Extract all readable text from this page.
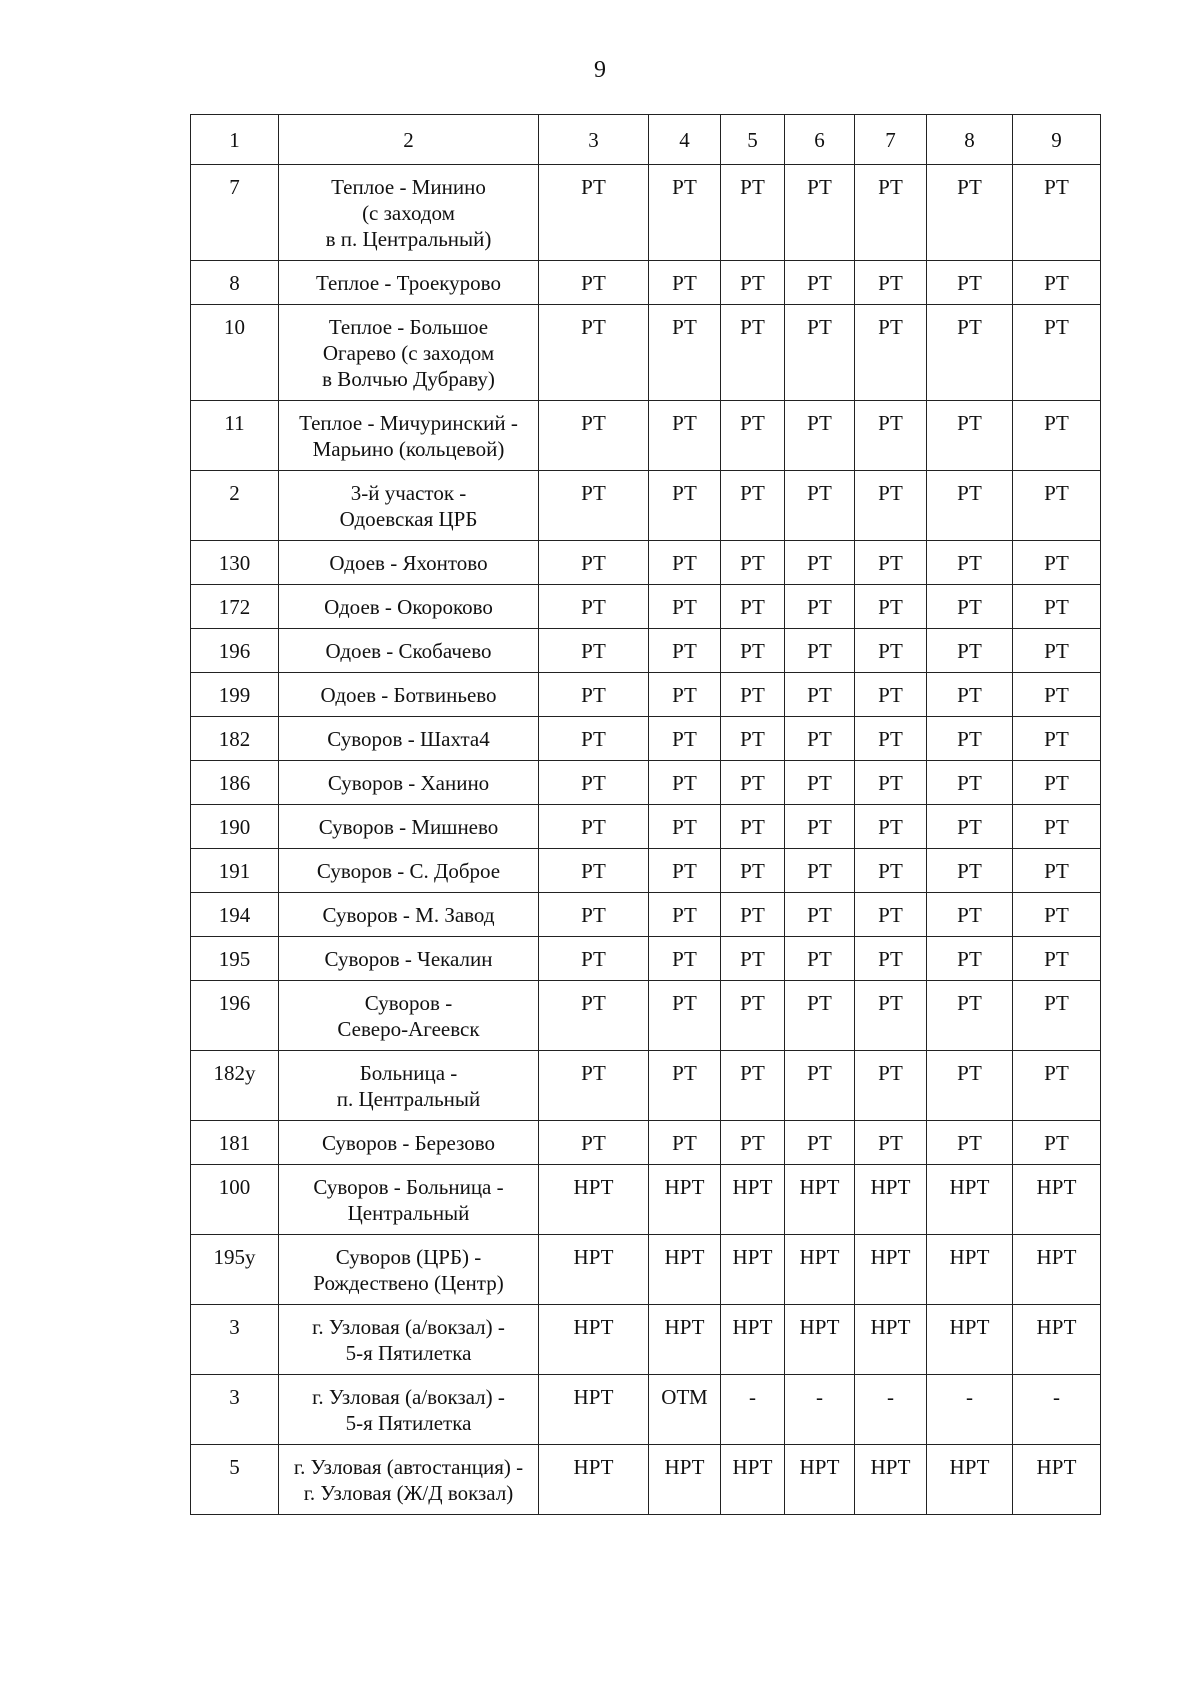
9
1	2	3	4	5	6	7	8	9
7	Теплое - Минино
(с заходом
в п. Центральный)	РТ	РТ	РТ	РТ	РТ	РТ	РТ
8	Теплое - Троекурово	РТ	РТ	РТ	РТ	РТ	РТ	РТ
10	Теплое - Большое
Огарево (с заходом
в Волчью Дубраву)	РТ	РТ	РТ	РТ	РТ	РТ	РТ
11	Теплое - Мичуринский -
Марьино (кольцевой)	РТ	РТ	РТ	РТ	РТ	РТ	РТ
2	3-й участок -
Одоевская ЦРБ	РТ	РТ	РТ	РТ	РТ	РТ	РТ
130	Одоев - Яхонтово	РТ	РТ	РТ	РТ	РТ	РТ	РТ
172	Одоев - Окороково	РТ	РТ	РТ	РТ	РТ	РТ	РТ
196	Одоев - Скобачево	РТ	РТ	РТ	РТ	РТ	РТ	РТ
199	Одоев - Ботвиньево	РТ	РТ	РТ	РТ	РТ	РТ	РТ
182	Суворов - Шахта4	РТ	РТ	РТ	РТ	РТ	РТ	РТ
186	Суворов - Ханино	РТ	РТ	РТ	РТ	РТ	РТ	РТ
190	Суворов - Мишнево	РТ	РТ	РТ	РТ	РТ	РТ	РТ
191	Суворов - С. Доброе	РТ	РТ	РТ	РТ	РТ	РТ	РТ
194	Суворов - М. Завод	РТ	РТ	РТ	РТ	РТ	РТ	РТ
195	Суворов - Чекалин	РТ	РТ	РТ	РТ	РТ	РТ	РТ
196	Суворов -
Северо-Агеевск	РТ	РТ	РТ	РТ	РТ	РТ	РТ
182у	Больница -
п. Центральный	РТ	РТ	РТ	РТ	РТ	РТ	РТ
181	Суворов - Березово	РТ	РТ	РТ	РТ	РТ	РТ	РТ
100	Суворов - Больница -
Центральный	НРТ	НРТ	НРТ	НРТ	НРТ	НРТ	НРТ
195у	Суворов (ЦРБ) -
Рождествено (Центр)	НРТ	НРТ	НРТ	НРТ	НРТ	НРТ	НРТ
3	г. Узловая (а/вокзал) -
5-я Пятилетка	НРТ	НРТ	НРТ	НРТ	НРТ	НРТ	НРТ
3	г. Узловая (а/вокзал) -
5-я Пятилетка	НРТ	ОТМ	-	-	-	-	-
5	г. Узловая (автостанция) -
г. Узловая (Ж/Д вокзал)	НРТ	НРТ	НРТ	НРТ	НРТ	НРТ	НРТ
